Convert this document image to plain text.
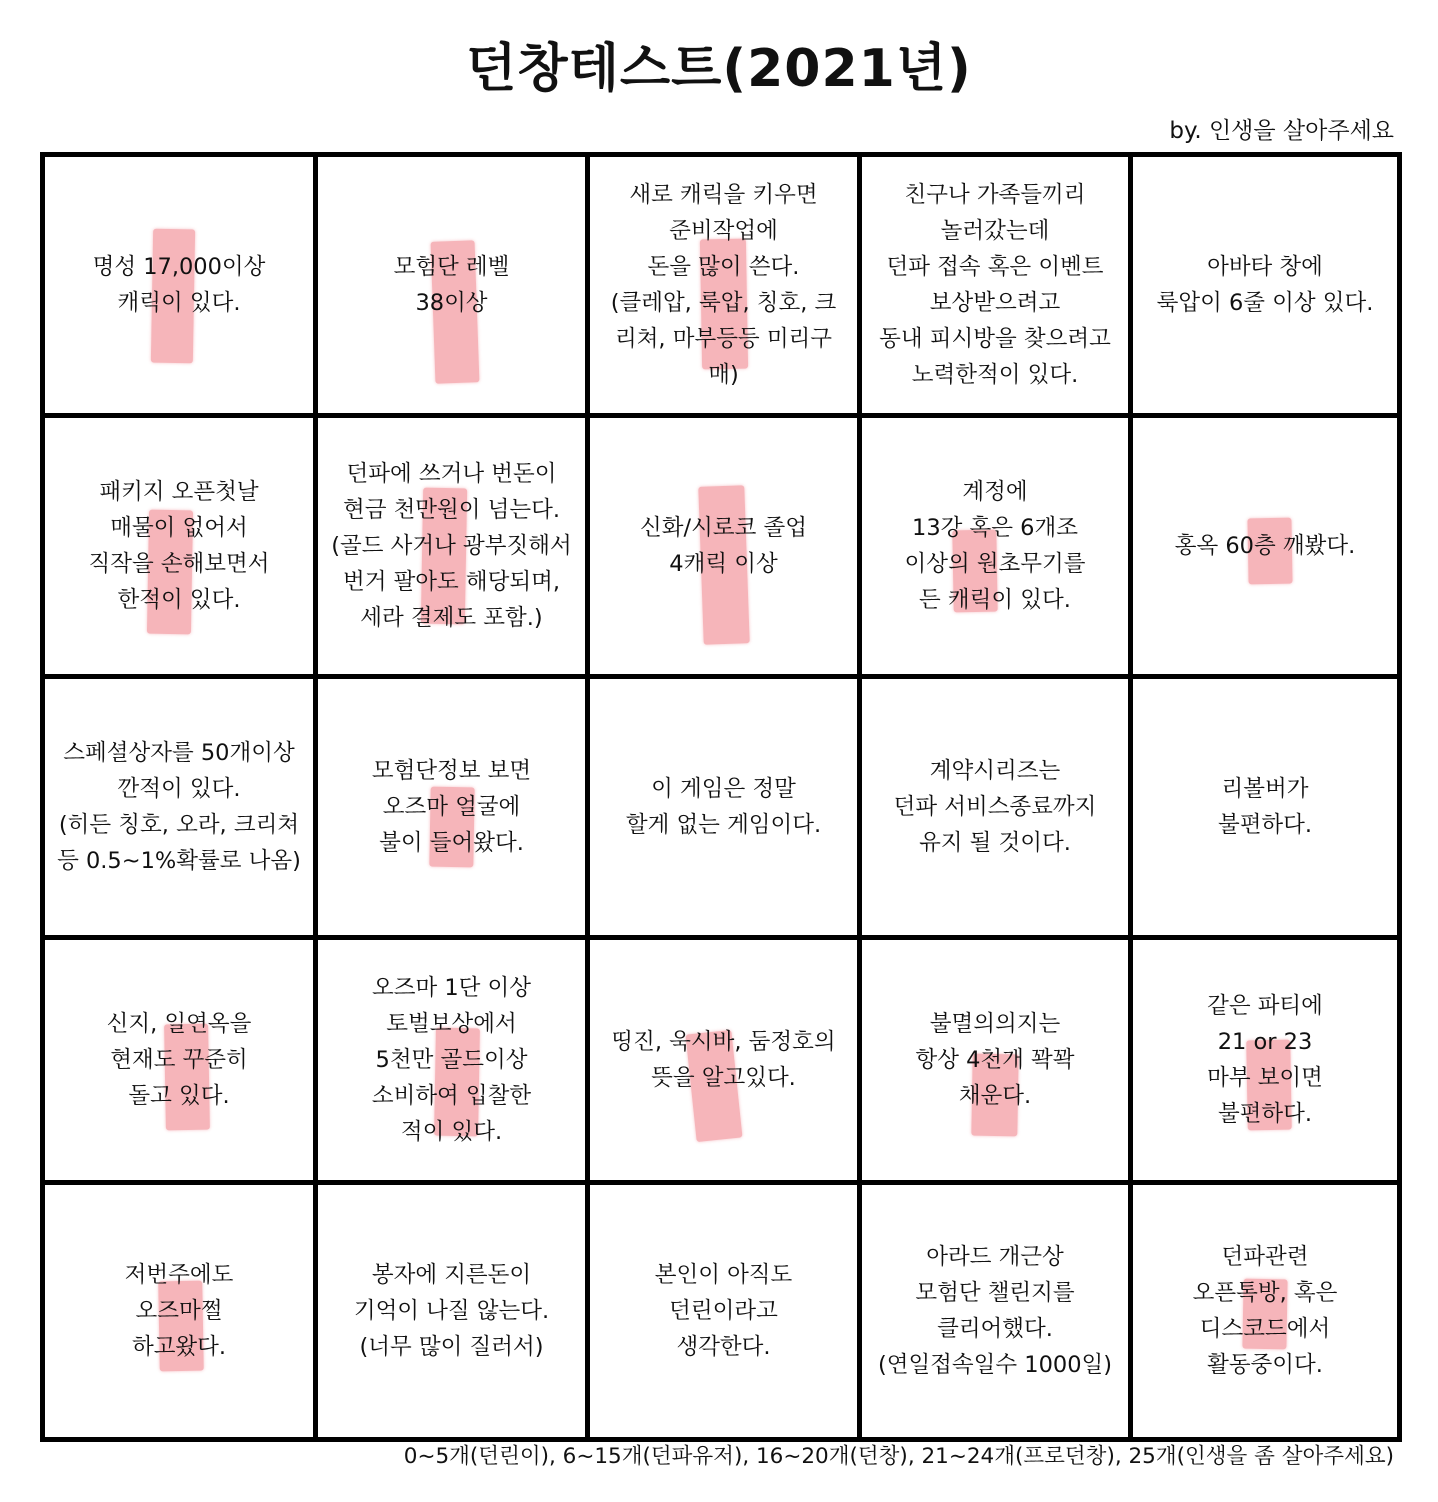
던창테스트(2021년)
by. 인생을 살아주세요
명성 17,000이상
캐릭이 있다.
모험단 레벨
38이상
새로 캐릭을 키우면
준비작업에
돈을 많이 쓴다.
(클레압, 룩압, 칭호, 크
리쳐, 마부등등 미리구
매)
친구나 가족들끼리
놀러갔는데
던파 접속 혹은 이벤트
보상받으려고
동내 피시방을 찾으려고
노력한적이 있다.
아바타 창에
룩압이 6줄 이상 있다.
패키지 오픈첫날
매물이 없어서
직작을 손해보면서
한적이 있다.
던파에 쓰거나 번돈이
현금 천만원이 넘는다.
(골드 사거나 광부짓해서
번거 팔아도 해당되며,
세라 결제도 포함.)
신화/시로코 졸업
4캐릭 이상
계정에
13강 혹은 6개조
이상의 원초무기를
든 캐릭이 있다.
홍옥 60층 깨봤다.
스페셜상자를 50개이상
깐적이 있다.
(히든 칭호, 오라, 크리쳐
등 0.5~1%확률로 나옴)
모험단정보 보면
오즈마 얼굴에
불이 들어왔다.
이 게임은 정말
할게 없는 게임이다.
계약시리즈는
던파 서비스종료까지
유지 될 것이다.
리볼버가
불편하다.
신지, 일연옥을
현재도 꾸준히
돌고 있다.
오즈마 1단 이상
토벌보상에서
5천만 골드이상
소비하여 입찰한
적이 있다.
띵진, 욱시바, 둠정호의
뜻을 알고있다.
불멸의의지는
항상 4천개 꽉꽉
채운다.
같은 파티에
21 or 23
마부 보이면
불편하다.
저번주에도
오즈마쩔
하고왔다.
봉자에 지른돈이
기억이 나질 않는다.
(너무 많이 질러서)
본인이 아직도
던린이라고
생각한다.
아라드 개근상
모험단 챌린지를
클리어했다.
(연일접속일수 1000일)
던파관련
오픈톡방, 혹은
디스코드에서
활동중이다.
0~5개(던린이), 6~15개(던파유저), 16~20개(던창), 21~24개(프로던창), 25개(인생을 좀 살아주세요)
